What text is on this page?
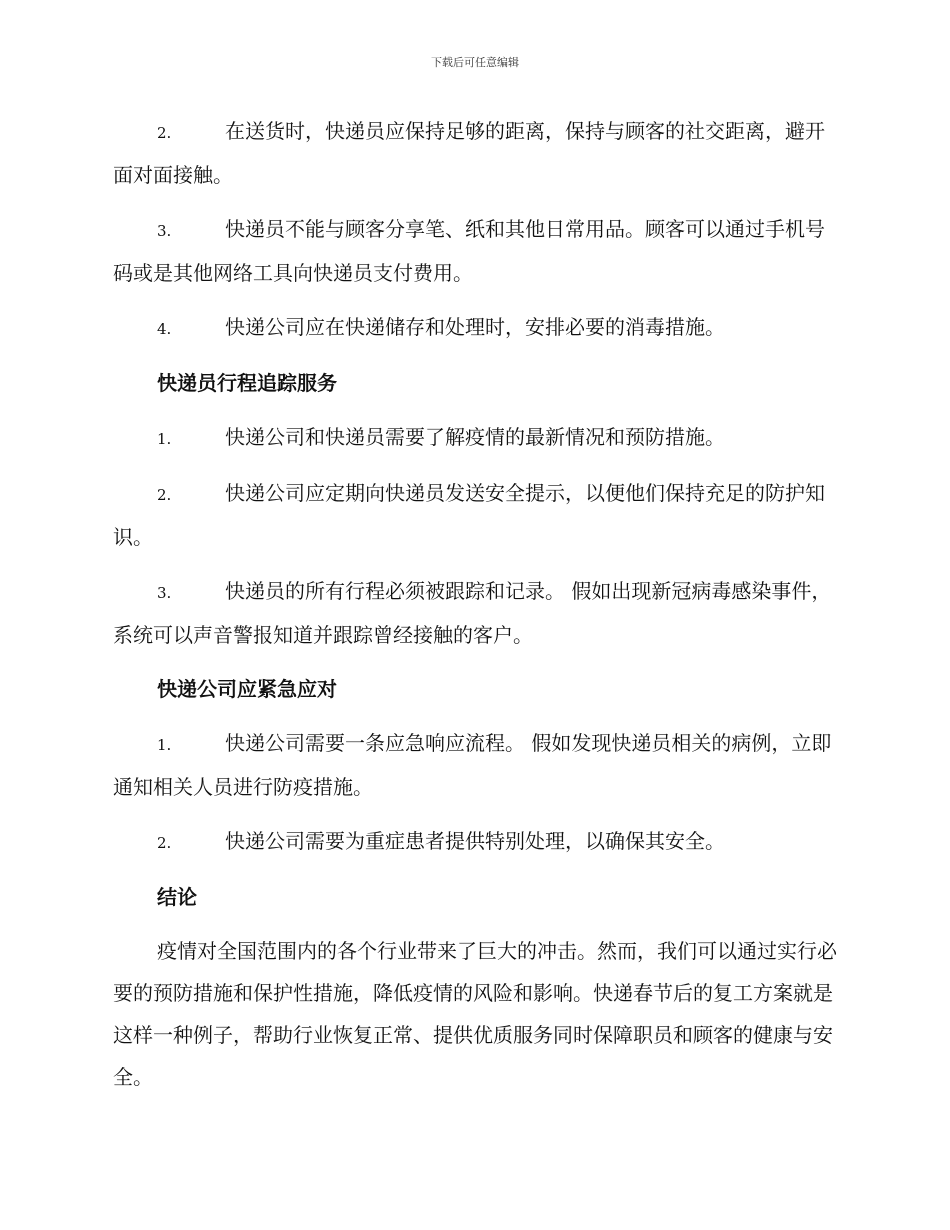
下载后可任意编辑
2.	在送货时，快递员应保持足够的距离，保持与顾客的社交距离，避开面对面接触。
3.	快递员不能与顾客分享笔、纸和其他日常用品。顾客可以通过手机号码或是其他网络工具向快递员支付费用。
4.	快递公司应在快递储存和处理时，安排必要的消毒措施。
快递员行程追踪服务
1.	快递公司和快递员需要了解疫情的最新情况和预防措施。
2.	快递公司应定期向快递员发送安全提示，以便他们保持充足的防护知识。
3.	快递员的所有行程必须被跟踪和记录。 假如出现新冠病毒感染事件，系统可以声音警报知道并跟踪曾经接触的客户。
快递公司应紧急应对
1.	快递公司需要一条应急响应流程。 假如发现快递员相关的病例，立即通知相关人员进行防疫措施。
2.	快递公司需要为重症患者提供特别处理，以确保其安全。
结论

疫情对全国范围内的各个行业带来了巨大的冲击。然而，我们可以通过实行必要的预防措施和保护性措施，降低疫情的风险和影响。快递春节后的复工方案就是这样一种例子，帮助行业恢复正常、提供优质服务同时保障职员和顾客的健康与安全。
